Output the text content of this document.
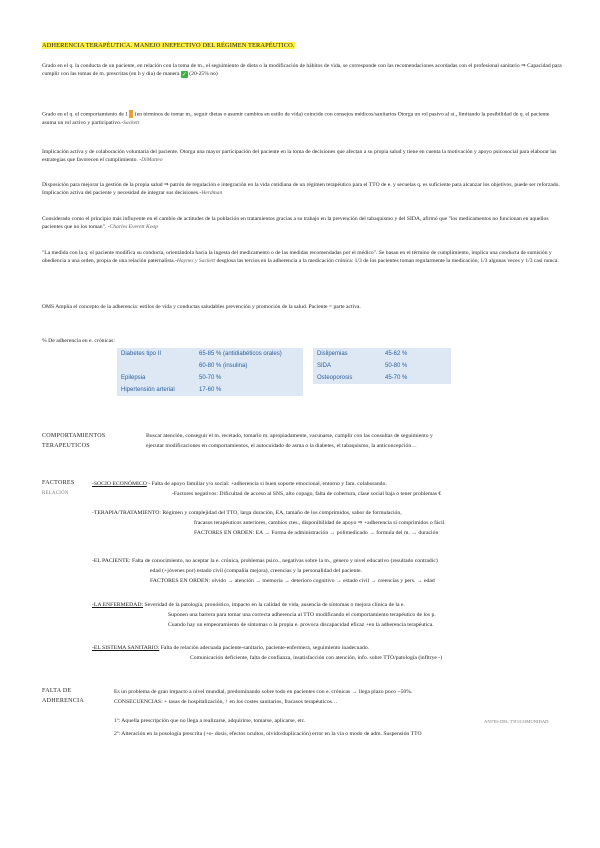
ADHERENCIA TERAPÉUTICA. MANEJO INEFECTIVO DEL RÉGIMEN TERAPÉUTICO.
Grado en el q. la conducta de un paciente, en relación con la toma de m., el seguimiento de dieta o la modificación de hábitos de vida, se corresponde con las recomendaciones acordadas con el profesional sanitario ⇒ Capacidad para cumplir con las tomas de m. prescritas (en h y dia) de manera ✓ (20-25% no)
Grado en el q. el comportamiento de 1 (en términos de tomar m., seguir dietas o asumir cambios en estilo de vida) coincide con consejos médicos/sanitarios Otorga un rol pasivo al st., limitando la posibilidad de q. el paciente asuma un rol activo y participativo.-Sackett
Implicación activa y de colaboración voluntaria del paciente. Otorga una mayor participación del paciente en la toma de decisiones que afectan a su propia salud y tiene en cuenta la motivación y apoyo psicosocial para elaborar las estrategias que favorecen el cumplimiento. -DiMatteo
Disposición para mejorar la gestión de la propia salud ⇒ patrón de regulación e integración en la vida cotidiana de un régimen terapéutico para el TTO de e. y secuelas q. es suficiente para alcanzar los objetivos, puede ser reforzado. Implicación activa del paciente y necesidad de integrar sus decisiones.-Herdman
Considerado como el principio más influyente en el cambio de actitudes de la población en tratamientos gracias a su trabajo en la prevención del tabaquismo y del SIDA, afirmó que "los medicamentos no funcionan en aquellos pacientes que no los toman". -Charles Everett Koop
"La medida con la q. el paciente modifica su conducta, orientándola hacia la ingesta del medicamento o de las medidas recomendadas por el médico". Se basan en el término de cumplimiento, implica una conducta de sumisión y obediencia a una orden, propia de una relación paternalista.-Haynes y Sackett desglosa las tercios en la adherencia a la medicación crónica: 1/3 de los pacientes toman regularmente la medicación, 1/3 algunas veces y 1/3 casi nunca.
OMS Amplía el concepto de la adherencia: estilos de vida y conductas saludables prevención y promoción de la salud. Paciente = parte activa.
% De adherencia en e. crónicas:
Diabetes tipo II	65-85 % (antidiabéticos orales)		Dislipemias	45-62 %
	60-80 % (insulina)		SIDA	50-80 %
Epilepsia	50-70 %		Osteoporosis	45-70 %
Hipertensión arterial	17-60 %			
COMPORTAMIENTOS
TERAPEUTICOS
Buscar atención, conseguir el m. recetado, tomarlo m. apropiadamente, vacunarse, cumplir con las consultas de seguimiento y
ejecutar modificaciones en comportamientos, el autocuidado de asma o la diabetes, el tabaquismo, la anticoncepción…
FACTORES
RELACIÓN
-SOCIO ECONÓMICO - Falta de apoyo familiar y/o social: +adherencia si buen soporte emocional, entorno y fam. colaborando.
-Factores negativos: Dificultad de acceso al SNS, alto copago, falta de cobertura, clase social baja o tener problemas €
-TERAPIA/TRATAMIENTO: Régimen y complejidad del TTO, larga duración, EA, tamaño de los comprimidos, sabor de formulación,
fracasos terapéuticos anteriores, cambios ctes., disponibilidad de apoyo ⇒ +adherencia si comprimidos o fácil.
FACTORES EN ORDEN: EA → Forma de administración → polimedicado → formula del m. → duración
-EL PACIENTE: Falta de conocimiento, no aceptar la e. crónica, problemas psico., negativas sobre la m., género y nivel educativo (resultado contradic)
edad (+jóvenes por) estado civil (compañía mejora), creencias y la personalidad del paciente.
FACTORES EN ORDEN: olvido → atención → memoria → deterioro cognitivo → estado civil → creencias y pers. → edad
-LA ENFERMEDAD: Severidad de la patología, pronóstico, impacto en la calidad de vida, ausencia de síntomas o mejora clínica de la e.
Suponen una barrera para tomar una correcta adherencia al TTO modificando el comportamiento terapéutico de los p.
Cuando hay un empeoramiento de síntomas o la propia e. provoca discapacidad eficaz +en la adherencia terapéutica.
-EL SISTEMA SANITARIO: Falta de relación adecuada paciente-sanitario, paciente-enfermera, seguimiento inadecuado.
Comunicación deficiente, falta de confianza, insatisfacción con atención, info. sobre TTO/patología (infltrye -)
FALTA DE
ADHERENCIA
Es un problema de gran impacto a nivel mundial, predominando sobre todo en pacientes con e. crónicas → llega plazo poco ~50%.
CONSECUENCIAS: + tasas de hospitalización, ↑ en los costes sanitarios, fracasos terapéuticos…
1º: Aquella prescripción que no llega a realizarse, adquirirse, tomarse, aplicarse, etc.	ANTES DEL TTO/COMUNIDAD
2º: Alteración en la posología prescrita (+o- dosis, efectos ocultos, olvido/duplicación) error en la vía o modo de adm. Suspensión TTO
